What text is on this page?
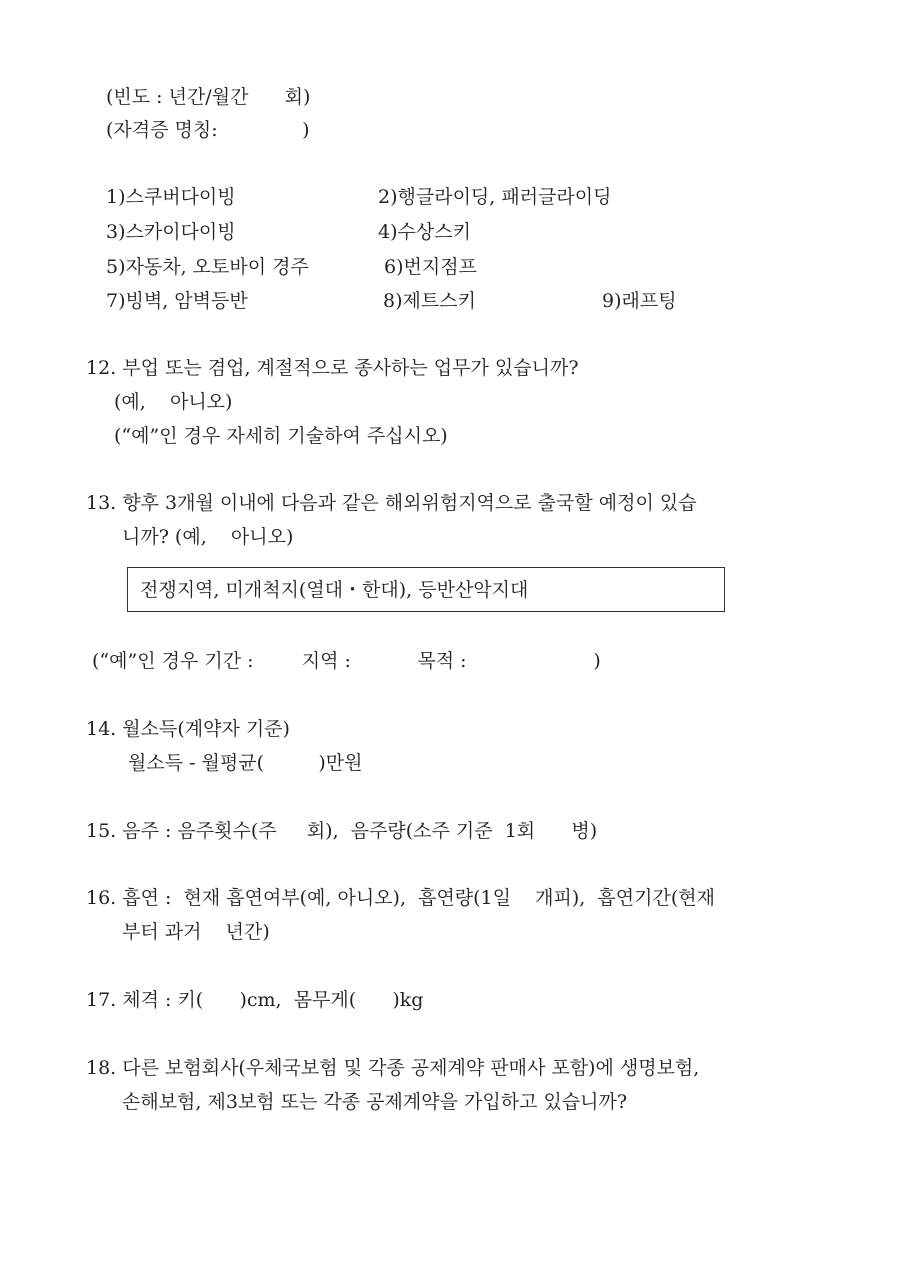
(빈도 : 년간/월간      회)
(자격증 명칭:              )
1)스쿠버다이빙	2)행글라이딩, 패러글라이딩
3)스카이다이빙	4)수상스키
5)자동차, 오토바이 경주	6)번지점프
7)빙벽, 암벽등반	8)제트스키	9)래프팅
12. 부업 또는 겸업, 계절적으로 종사하는 업무가 있습니까?
(예,    아니오)
(“예”인 경우 자세히 기술하여 주십시오)
13. 향후 3개월 이내에 다음과 같은 해외위험지역으로 출국할 예정이 있습
니까? (예,    아니오)
전쟁지역, 미개척지(열대・한대), 등반산악지대
(“예”인 경우 기간 :        지역 :           목적 :                     )
14. 월소득(계약자 기준)
월소득 - 월평균(         )만원
15. 음주 : 음주횟수(주     회),  음주량(소주 기준  1회      병)
16. 흡연 :  현재 흡연여부(예, 아니오),  흡연량(1일    개피),  흡연기간(현재
부터 과거    년간)
17. 체격 : 키(      )cm,  몸무게(      )kg
18. 다른 보험회사(우체국보험 및 각종 공제계약 판매사 포함)에 생명보험,
손해보험, 제3보험 또는 각종 공제계약을 가입하고 있습니까?
